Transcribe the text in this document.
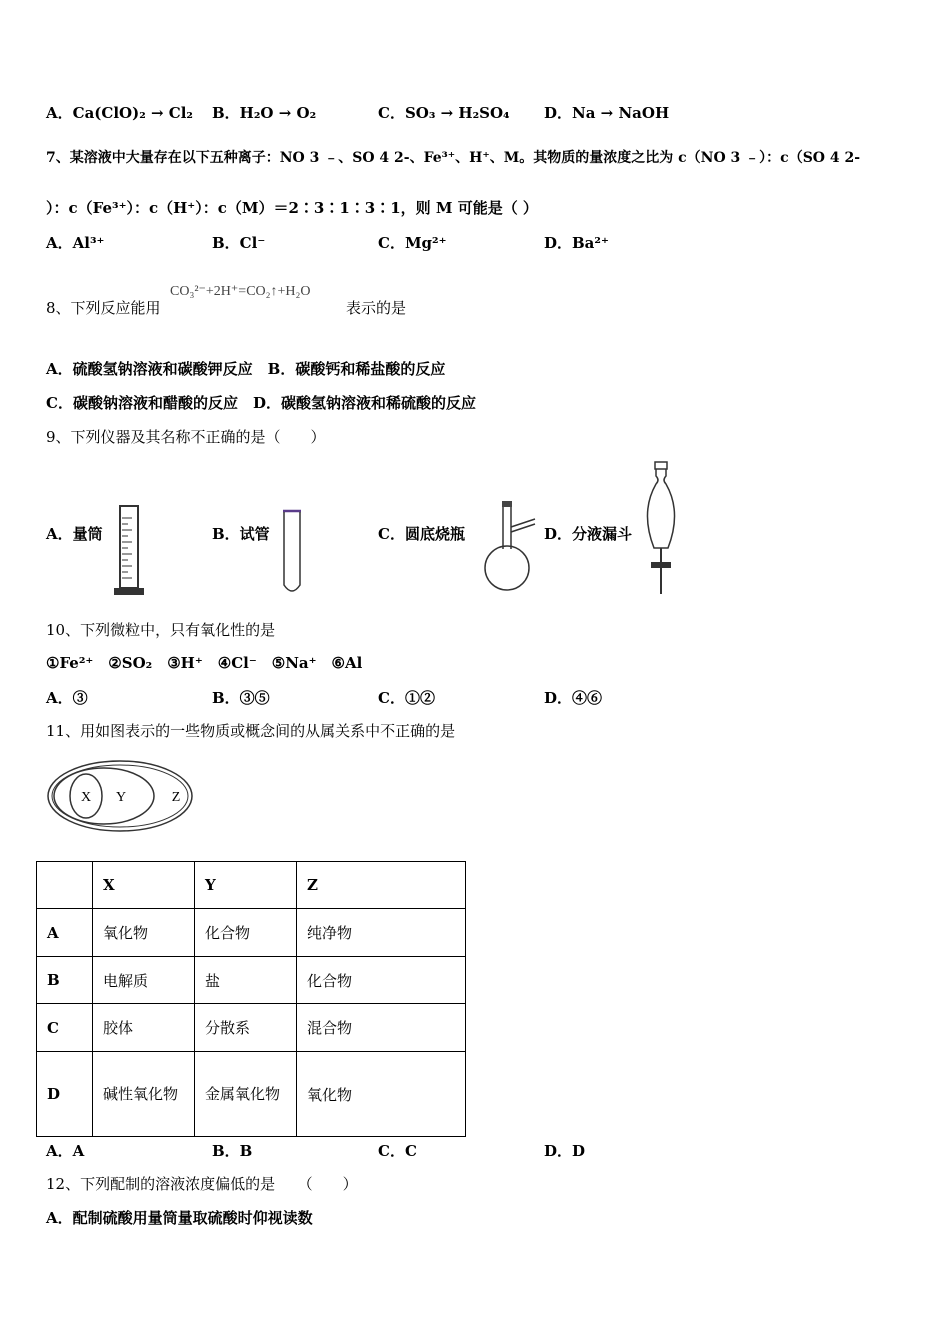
A．Ca(ClO)₂ → Cl₂ B．H₂O → O₂	C．SO₃ → H₂SO₄ D．Na → NaOH
7、某溶液中大量存在以下五种离子：NO 3 ﹣、SO 4 2-、Fe³⁺、H⁺、M。其物质的量浓度之比为 c（NO 3 ﹣）：c（SO 4 2-
）：c（Fe³⁺）：c（H⁺）：c（M）＝2∶3∶1∶3∶1，则 M 可能是（ ）
A．Al³⁺	B．Cl⁻	C．Mg²⁺	D．Ba²⁺
8、下列反应能用
CO₃²⁻+2H⁺=CO₂↑+H₂O
表示的是
A．硫酸氢钠溶液和碳酸钾反应　B．碳酸钙和稀盐酸的反应
C．碳酸钠溶液和醋酸的反应　D．碳酸氢钠溶液和稀硫酸的反应
9、下列仪器及其名称不正确的是（　　）
A．量筒	B．试管	C．圆底烧瓶	D．分液漏斗
10、下列微粒中，只有氧化性的是
①Fe²⁺　②SO₂　③H⁺　④Cl⁻　⑤Na⁺　⑥Al
A．③	B．③⑤	C．①②	D．④⑥
11、用如图表示的一些物质或概念间的从属关系中不正确的是
X Y	Z
	X	Y	Z
A	氧化物	化合物	纯净物
B	电解质	盐	化合物
C	胶体	分散系	混合物
D	碱性氧化物	金属氧化物	氧化物
A．A	B．B	C．C	D．D
12、下列配制的溶液浓度偏低的是　　（　　）
A．配制硫酸用量筒量取硫酸时仰视读数
